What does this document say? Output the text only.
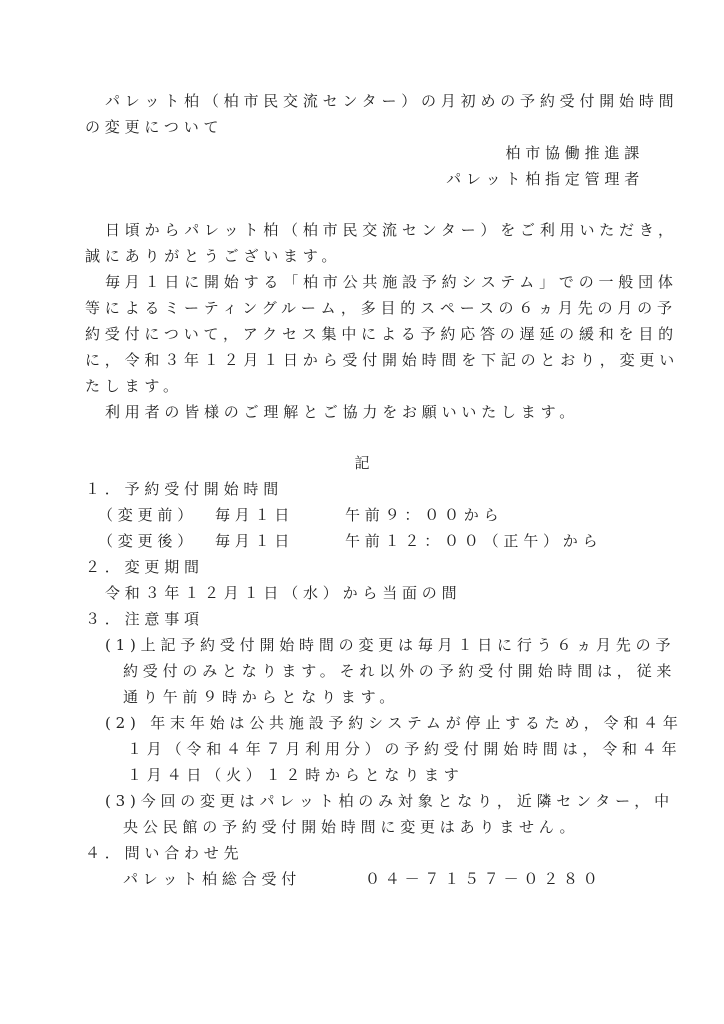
パレット柏（柏市民交流センター）の月初めの予約受付開始時間
の変更について
柏市協働推進課
パレット柏指定管理者
日頃からパレット柏（柏市民交流センター）をご利用いただき，
誠にありがとうございます。
毎月１日に開始する「柏市公共施設予約システム」での一般団体
等によるミーティングルーム，多目的スペースの６ヵ月先の月の予
約受付について，アクセス集中による予約応答の遅延の緩和を目的
に，令和３年１２月１日から受付開始時間を下記のとおり，変更い
たします。
利用者の皆様のご理解とご協力をお願いいたします。
記
１．予約受付開始時間
（変更前） 毎月１日	午前９：００から
（変更後） 毎月１日	午前１２：００（正午）から
２．変更期間
令和３年１２月１日（水）から当面の間
３．注意事項
(1)上記予約受付開始時間の変更は毎月１日に行う６ヵ月先の予
約受付のみとなります。それ以外の予約受付開始時間は，従来
通り午前９時からとなります。
(2) 年末年始は公共施設予約システムが停止するため，令和４年
１月（令和４年７月利用分）の予約受付開始時間は，令和４年
１月４日（火）１２時からとなります
(3)今回の変更はパレット柏のみ対象となり，近隣センター，中
央公民館の予約受付開始時間に変更はありません。
４．問い合わせ先
パレット柏総合受付	０４－７１５７－０２８０
